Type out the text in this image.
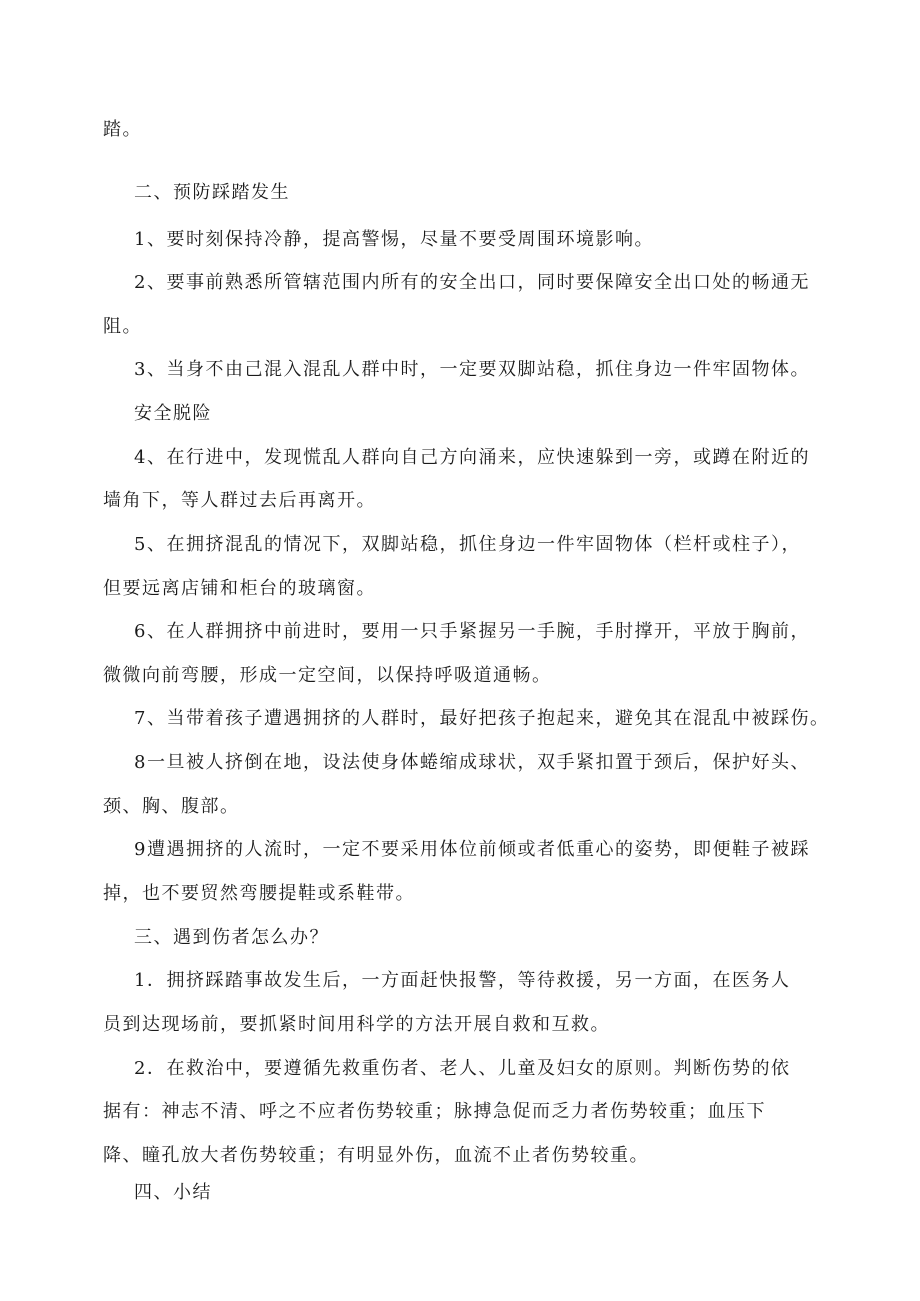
踏。

二、预防踩踏发生

1、要时刻保持冷静，提高警惕，尽量不要受周围环境影响。

2、要事前熟悉所管辖范围内所有的安全出口，同时要保障安全出口处的畅通无

阻。

3、当身不由己混入混乱人群中时，一定要双脚站稳，抓住身边一件牢固物体。

安全脱险

4、在行进中，发现慌乱人群向自己方向涌来，应快速躲到一旁，或蹲在附近的

墙角下，等人群过去后再离开。

5、在拥挤混乱的情况下，双脚站稳，抓住身边一件牢固物体（栏杆或柱子），

但要远离店铺和柜台的玻璃窗。

6、在人群拥挤中前进时，要用一只手紧握另一手腕，手肘撑开，平放于胸前，

微微向前弯腰，形成一定空间，以保持呼吸道通畅。

7、当带着孩子遭遇拥挤的人群时，最好把孩子抱起来，避免其在混乱中被踩伤。

8一旦被人挤倒在地，设法使身体蜷缩成球状，双手紧扣置于颈后，保护好头、

颈、胸、腹部。

9遭遇拥挤的人流时，一定不要采用体位前倾或者低重心的姿势，即便鞋子被踩

掉，也不要贸然弯腰提鞋或系鞋带。

三、遇到伤者怎么办？

1．拥挤踩踏事故发生后，一方面赶快报警，等待救援，另一方面，在医务人

员到达现场前，要抓紧时间用科学的方法开展自救和互救。

2．在救治中，要遵循先救重伤者、老人、儿童及妇女的原则。判断伤势的依

据有：神志不清、呼之不应者伤势较重；脉搏急促而乏力者伤势较重；血压下

降、瞳孔放大者伤势较重；有明显外伤，血流不止者伤势较重。

四、小结
